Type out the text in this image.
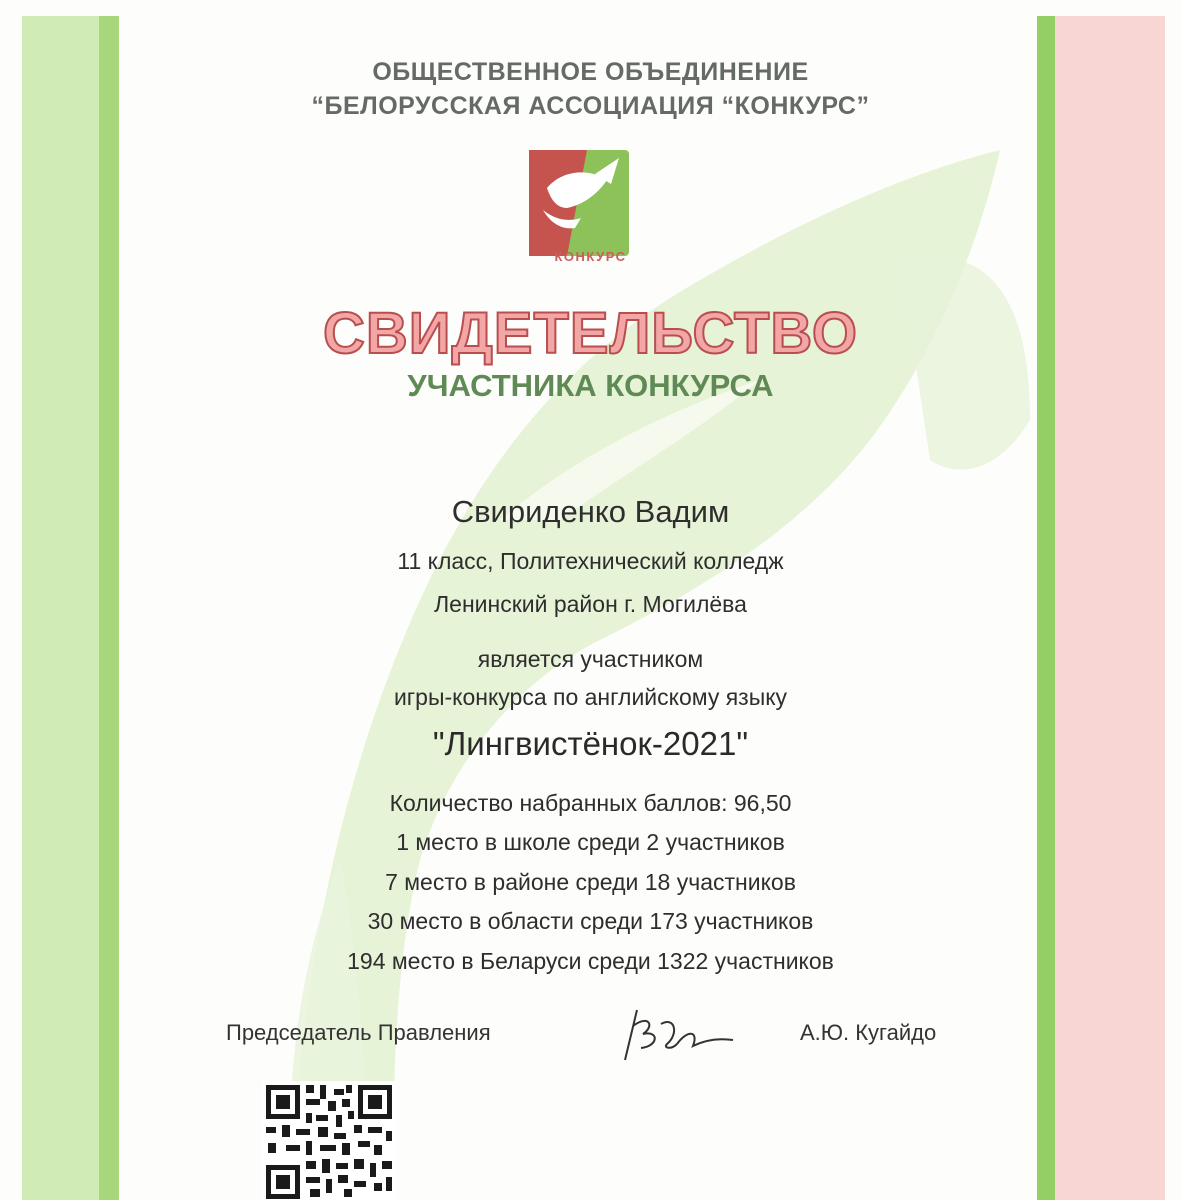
ОБЩЕСТВЕННОЕ ОБЪЕДИНЕНИЕ
“БЕЛОРУССКАЯ АССОЦИАЦИЯ “КОНКУРС”
КОНКУРС
СВИДЕТЕЛЬСТВО
УЧАСТНИКА КОНКУРСА
Свириденко Вадим
11 класс, Политехнический колледж
Ленинский район г. Могилёва
является участником
игры-конкурса по английскому языку
"Лингвистёнок-2021"
Количество набранных баллов: 96,50
1 место в школе среди 2 участников
7 место в районе среди 18 участников
30 место в области среди 173 участников
194 место в Беларуси среди 1322 участников
Председатель Правления	А.Ю. Кугайдо
